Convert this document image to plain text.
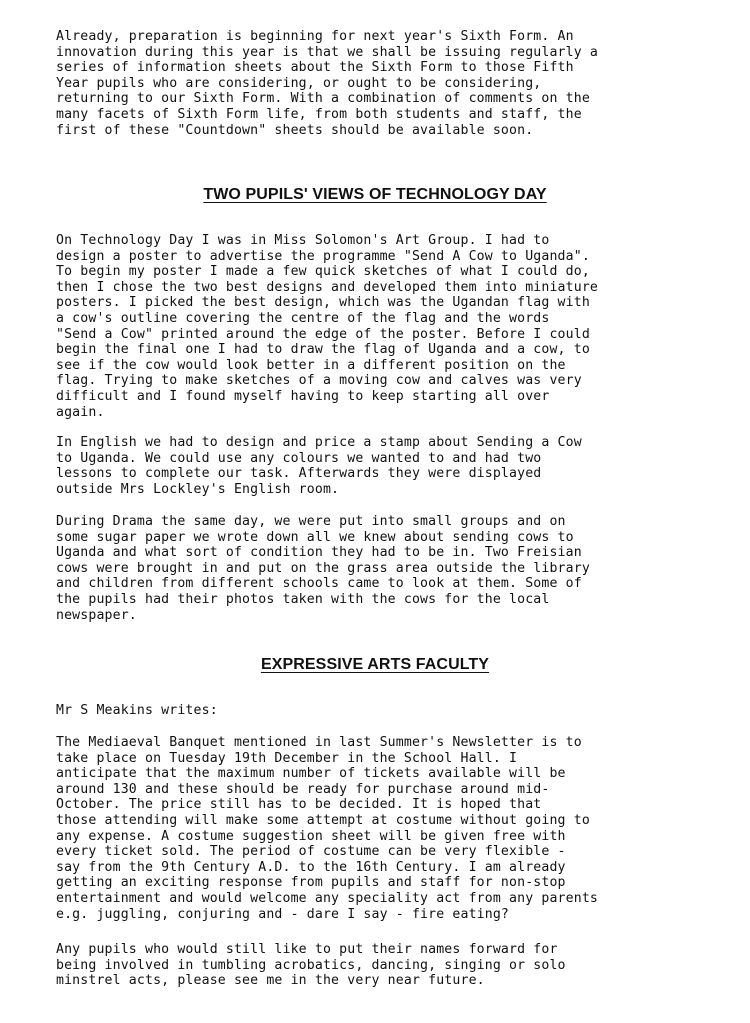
Already, preparation is beginning for next year's Sixth Form. An
innovation during this year is that we shall be issuing regularly a
series of information sheets about the Sixth Form to those Fifth
Year pupils who are considering, or ought to be considering,
returning to our Sixth Form. With a combination of comments on the
many facets of Sixth Form life, from both students and staff, the
first of these "Countdown" sheets should be available soon.

TWO PUPILS' VIEWS OF TECHNOLOGY DAY

On Technology Day I was in Miss Solomon's Art Group. I had to
design a poster to advertise the programme "Send A Cow to Uganda".
To begin my poster I made a few quick sketches of what I could do,
then I chose the two best designs and developed them into miniature
posters. I picked the best design, which was the Ugandan flag with
a cow's outline covering the centre of the flag and the words
"Send a Cow" printed around the edge of the poster. Before I could
begin the final one I had to draw the flag of Uganda and a cow, to
see if the cow would look better in a different position on the
flag. Trying to make sketches of a moving cow and calves was very
difficult and I found myself having to keep starting all over
again.

In English we had to design and price a stamp about Sending a Cow
to Uganda. We could use any colours we wanted to and had two
lessons to complete our task. Afterwards they were displayed
outside Mrs Lockley's English room.

During Drama the same day, we were put into small groups and on
some sugar paper we wrote down all we knew about sending cows to
Uganda and what sort of condition they had to be in. Two Freisian
cows were brought in and put on the grass area outside the library
and children from different schools came to look at them. Some of
the pupils had their photos taken with the cows for the local
newspaper.

EXPRESSIVE ARTS FACULTY

Mr S Meakins writes:

The Mediaeval Banquet mentioned in last Summer's Newsletter is to
take place on Tuesday 19th December in the School Hall. I
anticipate that the maximum number of tickets available will be
around 130 and these should be ready for purchase around mid-
October. The price still has to be decided. It is hoped that
those attending will make some attempt at costume without going to
any expense. A costume suggestion sheet will be given free with
every ticket sold. The period of costume can be very flexible -
say from the 9th Century A.D. to the 16th Century. I am already
getting an exciting response from pupils and staff for non-stop
entertainment and would welcome any speciality act from any parents
e.g. juggling, conjuring and - dare I say - fire eating?

Any pupils who would still like to put their names forward for
being involved in tumbling acrobatics, dancing, singing or solo
minstrel acts, please see me in the very near future.
